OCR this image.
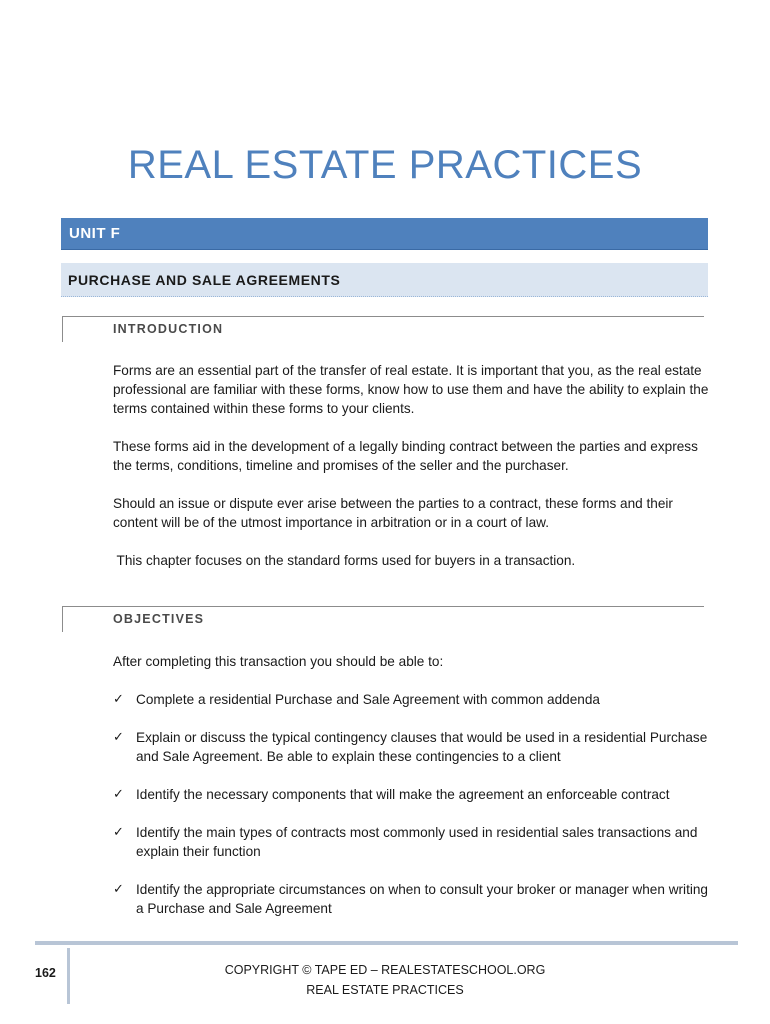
REAL ESTATE PRACTICES
UNIT F
PURCHASE AND SALE AGREEMENTS
INTRODUCTION

Forms are an essential part of the transfer of real estate. It is important that you, as the real estate professional are familiar with these forms, know how to use them and have the ability to explain the terms contained within these forms to your clients.

These forms aid in the development of a legally binding contract between the parties and express the terms, conditions, timeline and promises of the seller and the purchaser.

Should an issue or dispute ever arise between the parties to a contract, these forms and their content will be of the utmost importance in arbitration or in a court of law.

This chapter focuses on the standard forms used for buyers in a transaction.

OBJECTIVES

After completing this transaction you should be able to:

✓ Complete a residential Purchase and Sale Agreement with common addenda
✓ Explain or discuss the typical contingency clauses that would be used in a residential Purchase and Sale Agreement. Be able to explain these contingencies to a client
✓ Identify the necessary components that will make the agreement an enforceable contract
✓ Identify the main types of contracts most commonly used in residential sales transactions and explain their function
✓ Identify the appropriate circumstances on when to consult your broker or manager when writing a Purchase and Sale Agreement
162	COPYRIGHT © TAPE ED – REALESTATESCHOOL.ORG
REAL ESTATE PRACTICES
